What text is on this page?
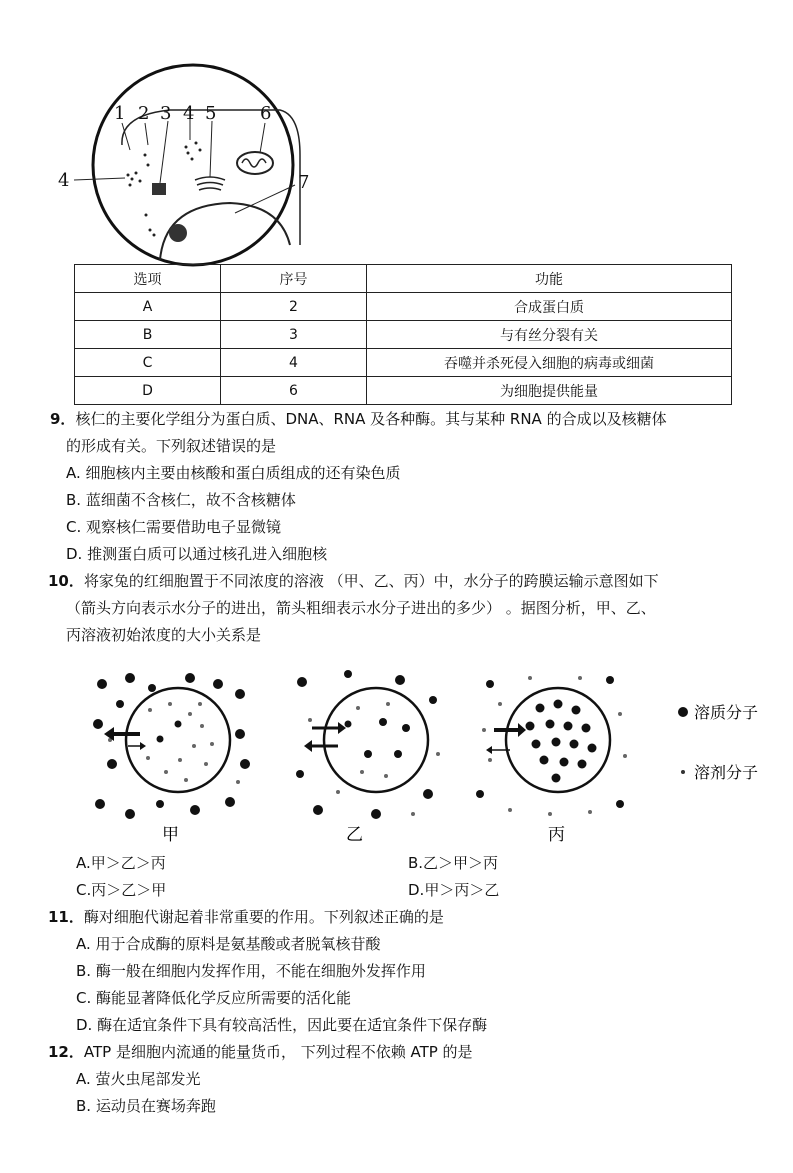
1 2 3 4 5 6
7
4
选项	序号	功能
A	2	合成蛋白质
B	3	与有丝分裂有关
C	4	吞噬并杀死侵入细胞的病毒或细菌
D	6	为细胞提供能量
9．核仁的主要化学组分为蛋白质、DNA、RNA 及各种酶。其与某种 RNA 的合成以及核糖体
的形成有关。下列叙述错误的是
A. 细胞核内主要由核酸和蛋白质组成的还有染色质
B. 蓝细菌不含核仁，故不含核糖体
C. 观察核仁需要借助电子显微镜
D. 推测蛋白质可以通过核孔进入细胞核
10．将家兔的红细胞置于不同浓度的溶液 （甲、乙、丙）中，水分子的跨膜运输示意图如下
（箭头方向表示水分子的进出，箭头粗细表示水分子进出的多少） 。据图分析，甲、乙、
丙溶液初始浓度的大小关系是
溶质分子
溶剂分子
甲	乙	丙
A.甲＞乙＞丙	B.乙＞甲＞丙
C.丙＞乙＞甲	D.甲＞丙＞乙
11．酶对细胞代谢起着非常重要的作用。下列叙述正确的是
A. 用于合成酶的原料是氨基酸或者脱氧核苷酸
B. 酶一般在细胞内发挥作用，不能在细胞外发挥作用
C. 酶能显著降低化学反应所需要的活化能
D. 酶在适宜条件下具有较高活性，因此要在适宜条件下保存酶
12．ATP 是细胞内流通的能量货币， 下列过程不依赖 ATP 的是
A. 萤火虫尾部发光
B. 运动员在赛场奔跑
